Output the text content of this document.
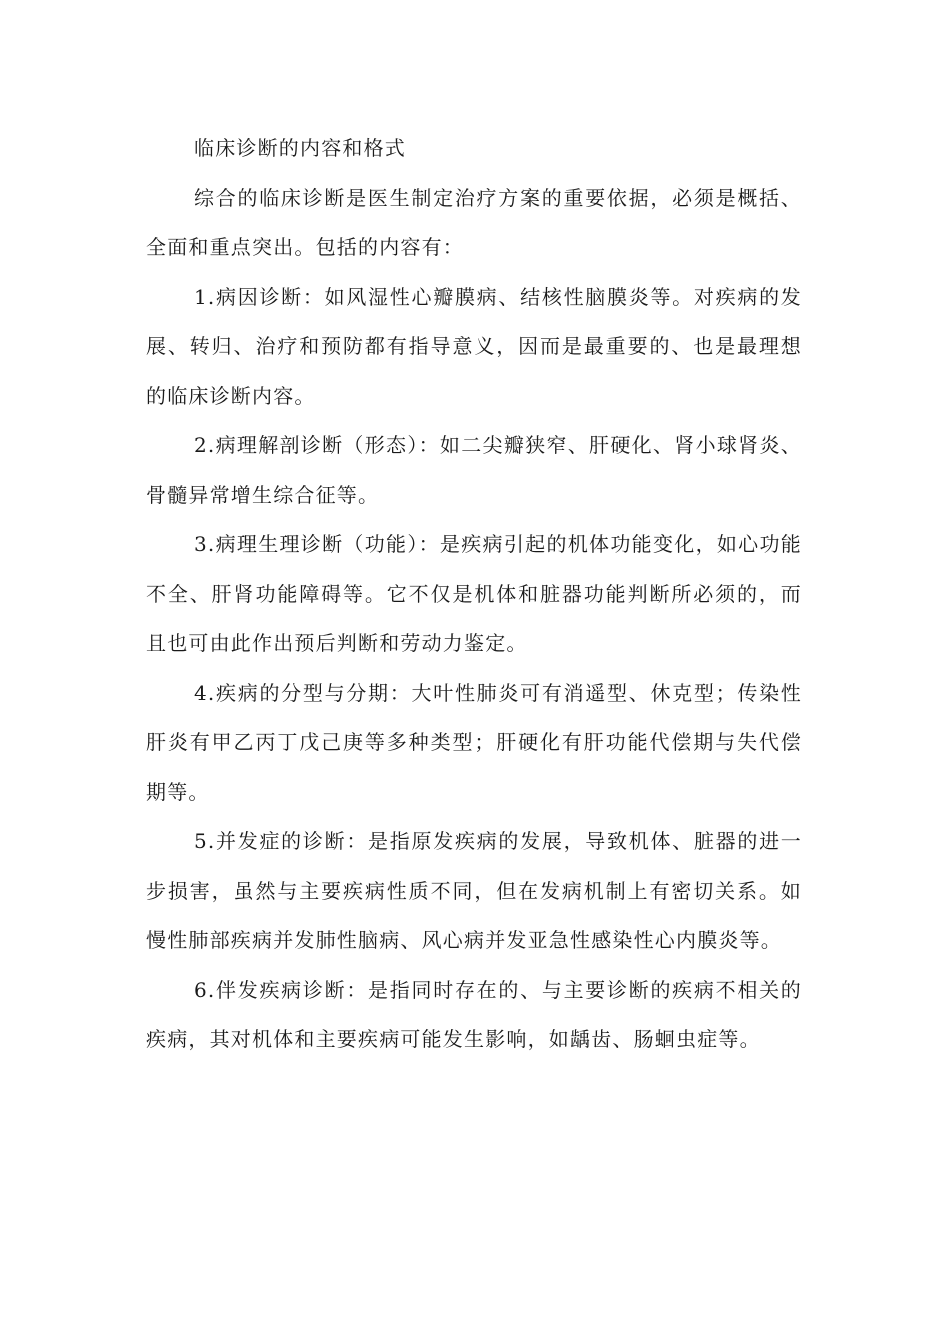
临床诊断的内容和格式

综合的临床诊断是医生制定治疗方案的重要依据，必须是概括、全面和重点突出。包括的内容有：

1.病因诊断：如风湿性心瓣膜病、结核性脑膜炎等。对疾病的发展、转归、治疗和预防都有指导意义，因而是最重要的、也是最理想的临床诊断内容。

2.病理解剖诊断（形态）：如二尖瓣狭窄、肝硬化、肾小球肾炎、骨髓异常增生综合征等。

3.病理生理诊断（功能）：是疾病引起的机体功能变化，如心功能不全、肝肾功能障碍等。它不仅是机体和脏器功能判断所必须的，而且也可由此作出预后判断和劳动力鉴定。

4.疾病的分型与分期：大叶性肺炎可有消遥型、休克型；传染性肝炎有甲乙丙丁戊己庚等多种类型；肝硬化有肝功能代偿期与失代偿期等。

5.并发症的诊断：是指原发疾病的发展，导致机体、脏器的进一步损害，虽然与主要疾病性质不同，但在发病机制上有密切关系。如慢性肺部疾病并发肺性脑病、风心病并发亚急性感染性心内膜炎等。

6.伴发疾病诊断：是指同时存在的、与主要诊断的疾病不相关的疾病，其对机体和主要疾病可能发生影响，如龋齿、肠蛔虫症等。
